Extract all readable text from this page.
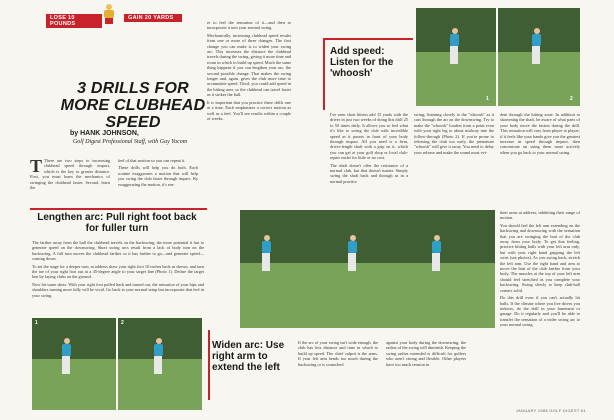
LOSE 10 POUNDS
GAIN 20 YARDS
3 DRILLS FOR MORE CLUBHEAD SPEED
by HANK JOHNSON,
Golf Digest Professional Staff, with Guy Yocom
T There are two steps to increasing clubhead speed through impact, which is the key to greater distance. First, you must learn the mechanics of swinging the clubhead faster. Second, learn the

feel of that motion so you can repeat it.

These drills will help you do both. Each routine exaggerates a motion that will help you swing the club faster through impact. By exaggerating the motion, it's eas-

er to feel the sensation of it—and then to incorporate it into your normal swing.

Mechanically, increasing clubhead speed results from one or more of three changes. The first change you can make is to widen your swing arc. This increases the distance the clubhead travels during the swing, giving it more time and room in which to build up speed. Much the same thing happens if you can lengthen your arc, the second possible change. That makes the swing longer and, again, gives the club more time to accumulate speed. Third, you could add speed in the hitting area, so the clubhead can travel faster as it strikes the ball.

It is important that you practice these drills one at a time. Each emphasizes a correct motion as well as a feel. You'll see results within a couple of weeks.

Lengthen arc: Pull right foot back for fuller turn

The farther away from the ball the clubhead travels on the backswing, the more potential it has to generate speed on the downswing. Short swing arcs result from a lack of body turn on the backswing. A full turn moves the clubhead farther so it has farther to go—and generate speed—coming down.

To set the stage for a deeper turn, at address draw your right foot 10 inches back as shown, and turn the toe of your right foot out at a 45-degree angle to your target line (Photo 1). Define the target line by laying clubs on the ground.

Now hit some shots. With your right foot pulled back and turned out, the sensation of your hips and shoulders turning more fully will be vivid. Go back to your normal setup but incorporate that feel in your swing.

1	2
Add speed: Listen for the 'whoosh'

I've seen short hitters add 15 yards with the driver in just two weeks of doing this drill 25 to 50 times daily. It allows you to feel what it's like to swing the club with incredible speed as it passes in front of your body through impact. All you need is a firm, driver-length shaft with a grip on it, which you can get at your golf shop or local club- repair outlet for little or no cost.

The shaft doesn't offer the resistance of a normal club, but that doesn't matter. Simply swing the shaft back and through as in a normal practice

swing, listening closely to the "whoosh" as it cuts through the air on the downswing. Try to make the "whoosh" loudest from a point even with your right leg to about midway into the follow-through (Photo 2). If you're prone to releasing the club too early, the premature "whoosh" will give it away. You need to delay your release and make the sound most evi-

dent through the hitting zone. In addition to shortening the shaft, be aware of what parts of your body move the fastest during the drill. This sensation will vary from player to player; if it feels like your hands give you the greatest increase in speed through impact, then concentrate on using them more actively when you go back to your normal swing.

1	2
Widen arc: Use right arm to extend the left

If the arc of your swing isn't wide enough, the club has less distance and time in which to build up speed. The chief culprit is the arms. If your left arm bends too much during the backswing or is scrunched

against your body during the downswing, the radius of the swing will diminish. Keeping the swing radius extended is difficult for golfers who aren't strong and flexible. Other players have too much tension in

their arms at address, inhibiting their range of motion.

You should feel the left arm extending on the backswing and downswing with the sensation that you are swinging the butt of the club away from your body. To get that feeling, practice hitting balls with your left arm only, but with your right hand gripping the left wrist (see photos). As you swing back, stretch the left arm. Use the right hand and arm to move the butt of the club farther from your body. The muscles at the top of your left arm should feel stretched as you complete your backswing. Swing slowly to keep club-ball contact solid.

Do this drill even if you can't actually hit balls. If the climate where you live drives you indoors, do the drill in your basement or garage. Do it regularly and you'll be able to transfer the sensation of a wider swing arc to your normal swing.

JANUARY 1986 GOLF DIGEST 61
